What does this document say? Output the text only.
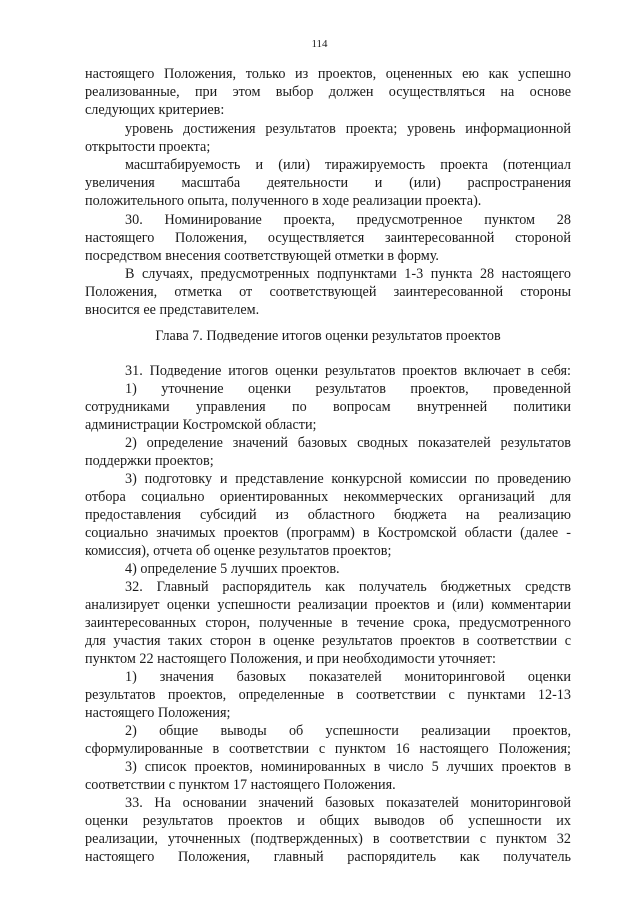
114
настоящего Положения, только из проектов, оцененных ею как успешно
реализованные, при этом выбор должен осуществляться на основе
следующих критериев:
уровень достижения результатов проекта; уровень информационной
открытости проекта;
масштабируемость и (или) тиражируемость проекта (потенциал
увеличения масштаба деятельности и (или) распространения
положительного опыта, полученного в ходе реализации проекта).
30. Номинирование проекта, предусмотренное пунктом 28
настоящего Положения, осуществляется заинтересованной стороной
посредством внесения соответствующей отметки в форму.
В случаях, предусмотренных подпунктами 1-3 пункта 28 настоящего
Положения, отметка от соответствующей заинтересованной стороны
вносится ее представителем.
Глава 7. Подведение итогов оценки результатов проектов
31. Подведение итогов оценки результатов проектов включает в себя:
1) уточнение оценки результатов проектов, проведенной
сотрудниками управления по вопросам внутренней политики
администрации Костромской области;
2) определение значений базовых сводных показателей результатов
поддержки проектов;
3) подготовку и представление конкурсной комиссии по проведению
отбора социально ориентированных некоммерческих организаций для
предоставления субсидий из областного бюджета на реализацию
социально значимых проектов (программ) в Костромской области (далее -
комиссия), отчета об оценке результатов проектов;
4) определение 5 лучших проектов.
32. Главный распорядитель как получатель бюджетных средств
анализирует оценки успешности реализации проектов и (или) комментарии
заинтересованных сторон, полученные в течение срока, предусмотренного
для участия таких сторон в оценке результатов проектов в соответствии с
пунктом 22 настоящего Положения, и при необходимости уточняет:
1) значения базовых показателей мониторинговой оценки
результатов проектов, определенные в соответствии с пунктами 12-13
настоящего Положения;
2) общие выводы об успешности реализации проектов,
сформулированные в соответствии с пунктом 16 настоящего Положения;
3) список проектов, номинированных в число 5 лучших проектов в
соответствии с пунктом 17 настоящего Положения.
33. На основании значений базовых показателей мониторинговой
оценки результатов проектов и общих выводов об успешности их
реализации, уточненных (подтвержденных) в соответствии с пунктом 32
настоящего Положения, главный распорядитель как получатель
